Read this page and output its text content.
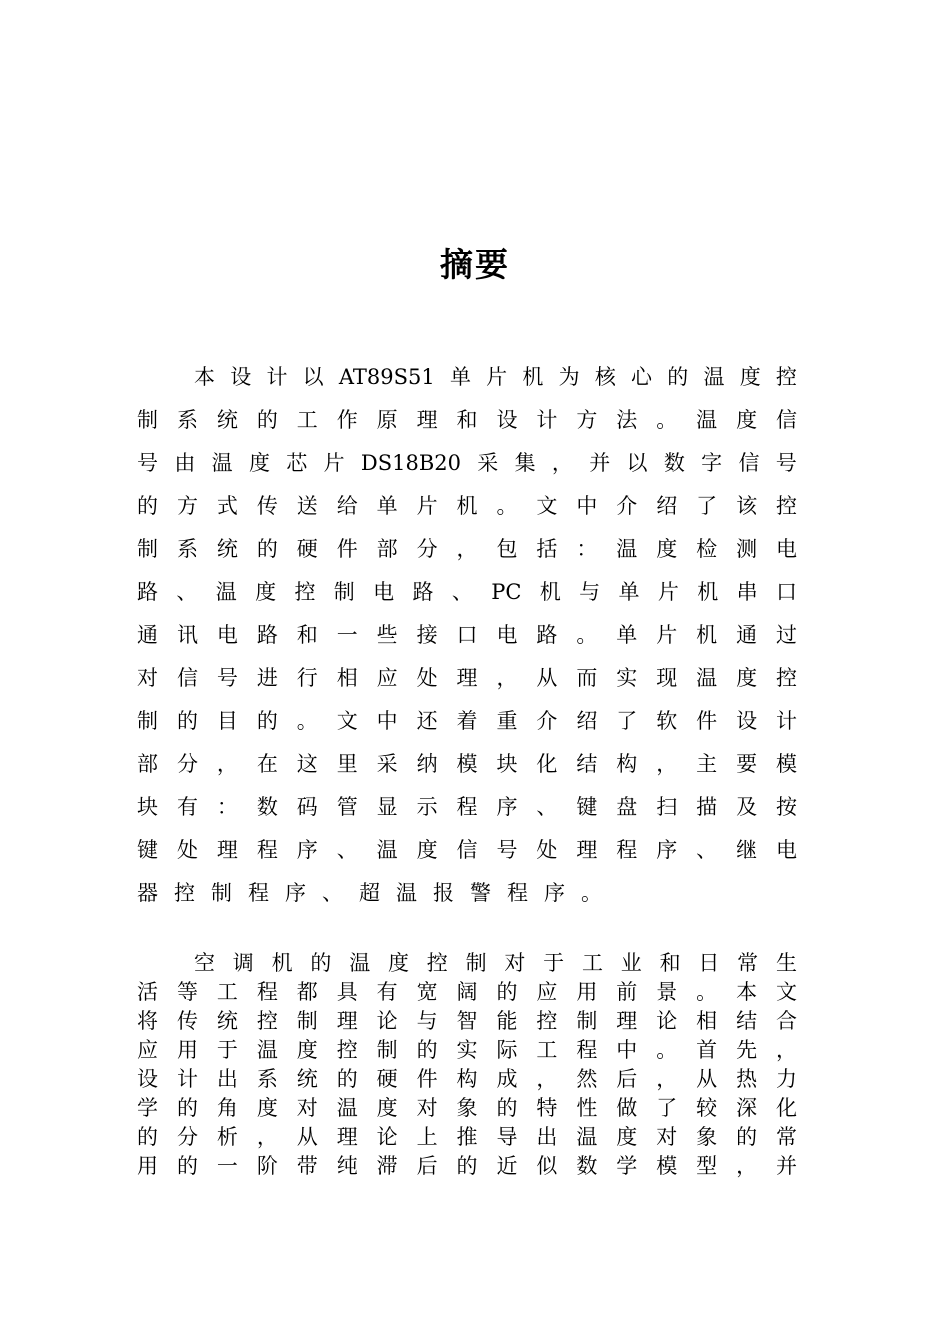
摘要
本 设 计 以 AT89S51 单 片 机 为 核 心 的 温 度 控
制 系 统 的 工 作 原 理 和 设 计 方 法 。 温 度 信
号 由 温 度 芯 片 DS18B20 采 集 ， 并 以 数 字 信 号
的 方 式 传 送 给 单 片 机 。 文 中 介 绍 了 该 控
制 系 统 的 硬 件 部 分 ， 包 括 ： 温 度 检 测 电
路 、 温 度 控 制 电 路 、 PC 机 与 单 片 机 串 口
通 讯 电 路 和 一 些 接 口 电 路 。 单 片 机 通 过
对 信 号 进 行 相 应 处 理 ， 从 而 实 现 温 度 控
制 的 目 的 。 文 中 还 着 重 介 绍 了 软 件 设 计
部 分 ， 在 这 里 采 纳 模 块 化 结 构 ， 主 要 模
块 有 ： 数 码 管 显 示 程 序 、 键 盘 扫 描 及 按
键 处 理 程 序 、 温 度 信 号 处 理 程 序 、 继 电
器 控 制 程 序 、 超 温 报 警 程 序 。
空 调 机 的 温 度 控 制 对 于 工 业 和 日 常 生
活 等 工 程 都 具 有 宽 阔 的 应 用 前 景 。 本 文
将 传 统 控 制 理 论 与 智 能 控 制 理 论 相 结 合
应 用 于 温 度 控 制 的 实 际 工 程 中 。 首 先 ，
设 计 出 系 统 的 硬 件 构 成 ， 然 后 ， 从 热 力
学 的 角 度 对 温 度 对 象 的 特 性 做 了 较 深 化
的 分 析 ， 从 理 论 上 推 导 出 温 度 对 象 的 常
用 的 一 阶 带 纯 滞 后 的 近 似 数 学 模 型 ， 并
